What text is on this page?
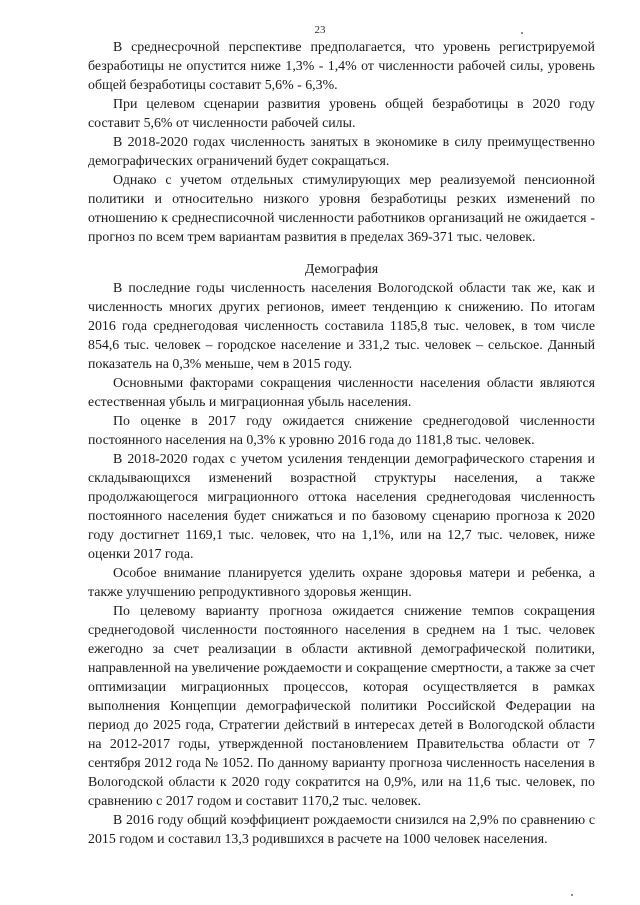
23

В среднесрочной перспективе предполагается, что уровень регистрируемой безработицы не опустится ниже 1,3% - 1,4% от численности рабочей силы, уровень общей безработицы составит 5,6% - 6,3%.

При целевом сценарии развития уровень общей безработицы в 2020 году составит 5,6% от численности рабочей силы.

В 2018-2020 годах численность занятых в экономике в силу преимущественно демографических ограничений будет сокращаться.

Однако с учетом отдельных стимулирующих мер реализуемой пенсионной политики и относительно низкого уровня безработицы резких изменений по отношению к среднесписочной численности работников организаций не ожидается - прогноз по всем трем вариантам развития в пределах 369-371 тыс. человек.

Демография

В последние годы численность населения Вологодской области так же, как и численность многих других регионов, имеет тенденцию к снижению. По итогам 2016 года среднегодовая численность составила 1185,8 тыс. человек, в том числе 854,6 тыс. человек – городское население и 331,2 тыс. человек – сельское. Данный показатель на 0,3% меньше, чем в 2015 году.

Основными факторами сокращения численности населения области являются естественная убыль и миграционная убыль населения.

По оценке в 2017 году ожидается снижение среднегодовой численности постоянного населения на 0,3% к уровню 2016 года до 1181,8 тыс. человек.

В 2018-2020 годах с учетом усиления тенденции демографического старения и складывающихся изменений возрастной структуры населения, а также продолжающегося миграционного оттока населения среднегодовая численность постоянного населения будет снижаться и по базовому сценарию прогноза к 2020 году достигнет 1169,1 тыс. человек, что на 1,1%, или на 12,7 тыс. человек, ниже оценки 2017 года.

Особое внимание планируется уделить охране здоровья матери и ребенка, а также улучшению репродуктивного здоровья женщин.

По целевому варианту прогноза ожидается снижение темпов сокращения среднегодовой численности постоянного населения в среднем на 1 тыс. человек ежегодно за счет реализации в области активной демографической политики, направленной на увеличение рождаемости и сокращение смертности, а также за счет оптимизации миграционных процессов, которая осуществляется в рамках выполнения Концепции демографической политики Российской Федерации на период до 2025 года, Стратегии действий в интересах детей в Вологодской области на 2012-2017 годы, утвержденной постановлением Правительства области от 7 сентября 2012 года № 1052. По данному варианту прогноза численность населения в Вологодской области к 2020 году сократится на 0,9%, или на 11,6 тыс. человек, по сравнению с 2017 годом и составит 1170,2 тыс. человек.

В 2016 году общий коэффициент рождаемости снизился на 2,9% по сравнению с 2015 годом и составил 13,3 родившихся в расчете на 1000 человек населения.
